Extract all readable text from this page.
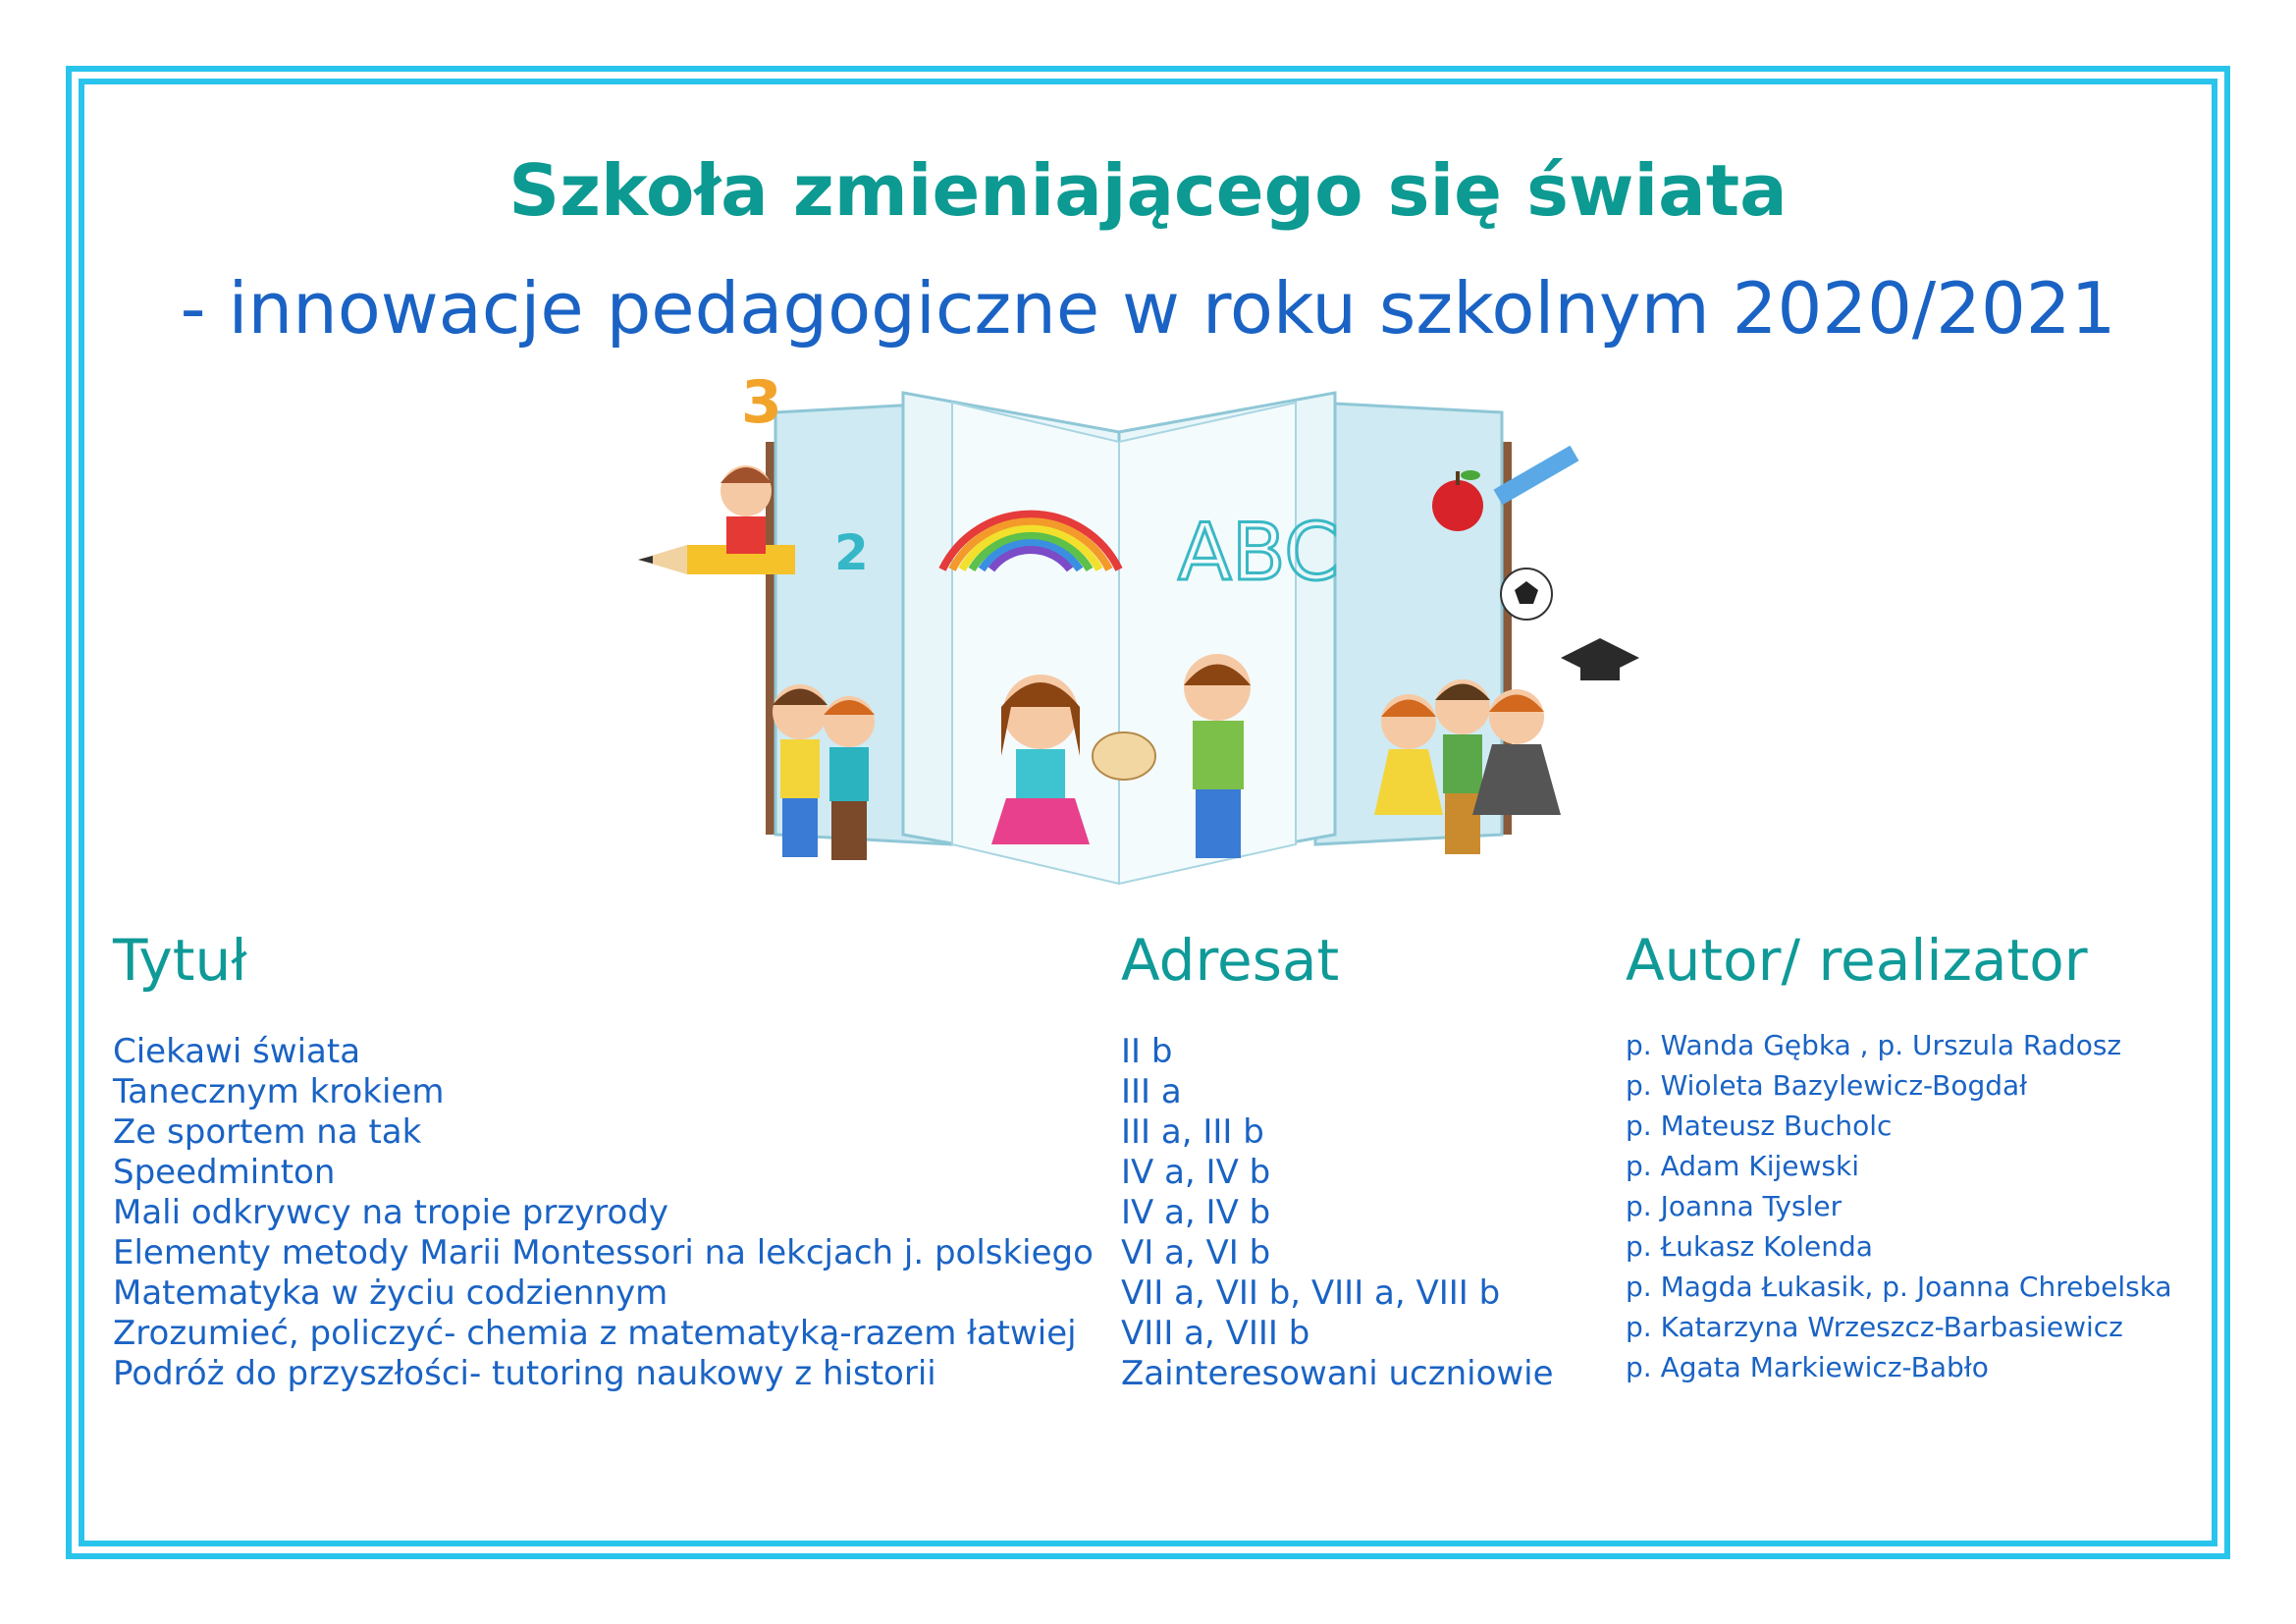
Szkoła zmieniającego się świata
- innowacje pedagogiczne w roku szkolnym 2020/2021
ABC
3
2
Tytuł	Adresat	Autor/ realizator
Ciekawi świata
Tanecznym krokiem
Ze sportem na tak
Speedminton
Mali odkrywcy na tropie przyrody
Elementy metody Marii Montessori na lekcjach j. polskiego
Matematyka w życiu codziennym
Zrozumieć, policzyć- chemia z matematyką-razem łatwiej
Podróż do przyszłości- tutoring naukowy z historii
II b
III a
III a, III b
IV a, IV b
IV a, IV b
VI a, VI b
VII a, VII b, VIII a, VIII b
VIII a, VIII b
Zainteresowani uczniowie
p. Wanda Gębka , p. Urszula Radosz
p. Wioleta Bazylewicz-Bogdał
p. Mateusz Bucholc
p. Adam Kijewski
p. Joanna Tysler
p. Łukasz Kolenda
p. Magda Łukasik, p. Joanna Chrebelska
p. Katarzyna Wrzeszcz-Barbasiewicz
p. Agata Markiewicz-Babło
